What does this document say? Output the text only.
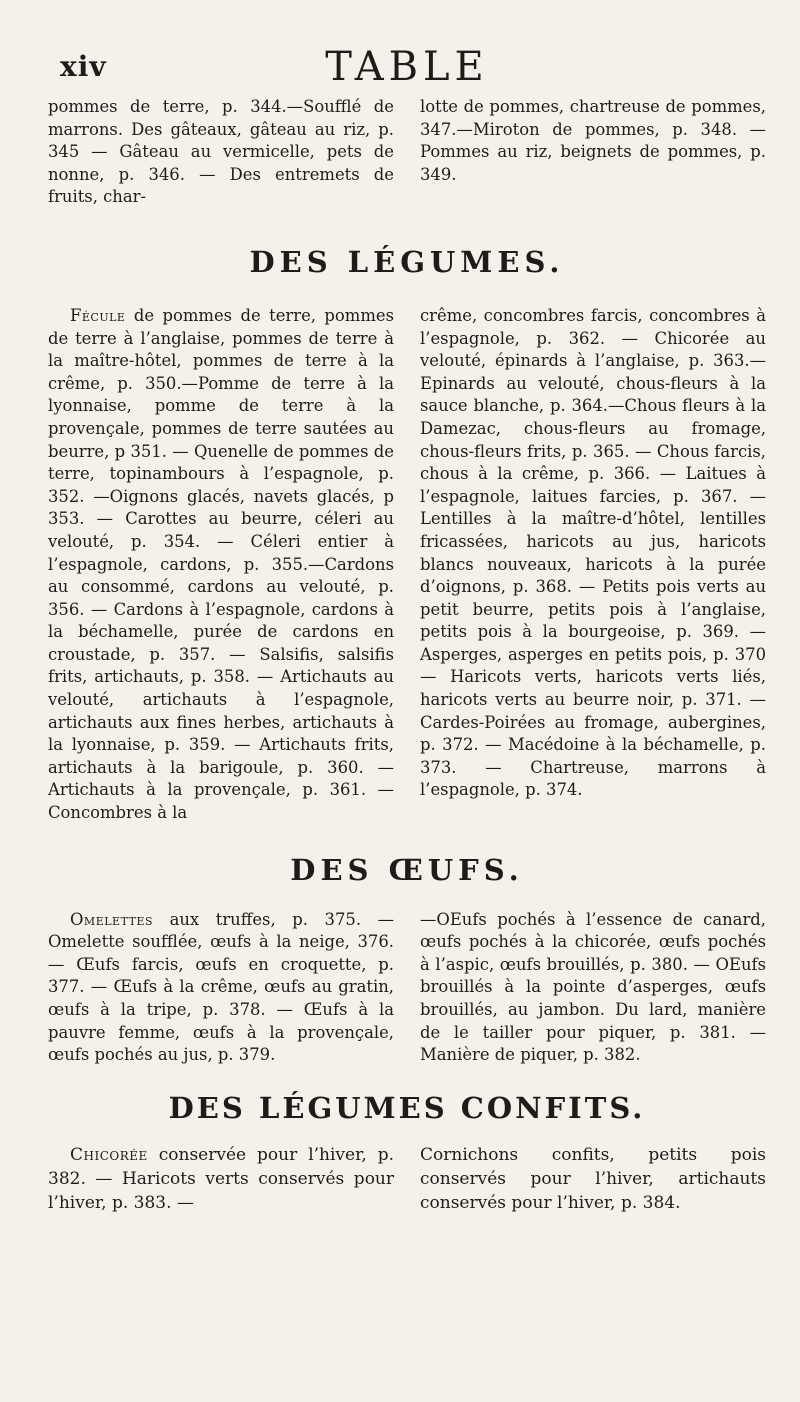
xiv	TABLE

pommes de terre, p. 344.—Soufflé de marrons. Des gâteaux, gâteau au riz, p. 345 — Gâteau au vermicelle, pets de nonne, p. 346. — Des entremets de fruits, char-

lotte de pommes, chartreuse de pommes, 347.—Miroton de pommes, p. 348. — Pommes au riz, beignets de pommes, p. 349.

DES LÉGUMES.

Fécule de pommes de terre, pommes de terre à l’anglaise, pommes de terre à la maître-hôtel, pommes de terre à la crême, p. 350.—Pomme de terre à la lyonnaise, pomme de terre à la provençale, pommes de terre sautées au beurre, p 351. — Quenelle de pommes de terre, topinambours à l’espagnole, p. 352. —Oignons glacés, navets glacés, p 353. — Carottes au beurre, céleri au velouté, p. 354. — Céleri entier à l’espagnole, cardons, p. 355.—Cardons au consommé, cardons au velouté, p. 356. — Cardons à l’espagnole, cardons à la béchamelle, purée de cardons en croustade, p. 357. — Salsifis, salsifis frits, artichauts, p. 358. — Artichauts au velouté, artichauts à l’espagnole, artichauts aux fines herbes, artichauts à la lyonnaise, p. 359. — Artichauts frits, artichauts à la barigoule, p. 360. — Artichauts à la provençale, p. 361. — Concombres à la

crême, concombres farcis, concombres à l’espagnole, p. 362. — Chicorée au velouté, épinards à l’anglaise, p. 363.—Epinards au velouté, chous-fleurs à la sauce blanche, p. 364.—Chous fleurs à la Damezac, chous-fleurs au fromage, chous-fleurs frits, p. 365. — Chous farcis, chous à la crême, p. 366. — Laitues à l’espagnole, laitues farcies, p. 367. — Lentilles à la maître-d’hôtel, lentilles fricassées, haricots au jus, haricots blancs nouveaux, haricots à la purée d’oignons, p. 368. — Petits pois verts au petit beurre, petits pois à l’anglaise, petits pois à la bourgeoise, p. 369. — Asperges, asperges en petits pois, p. 370 — Haricots verts, haricots verts liés, haricots verts au beurre noir, p. 371. — Cardes-Poirées au fromage, aubergines, p. 372. — Macédoine à la béchamelle, p. 373. — Chartreuse, marrons à l’espagnole, p. 374.

DES ŒUFS.

Omelettes aux truffes, p. 375. — Omelette soufflée, œufs à la neige, 376. — Œufs farcis, œufs en croquette, p. 377. — Œufs à la crême, œufs au gratin, œufs à la tripe, p. 378. — Œufs à la pauvre femme, œufs à la provençale, œufs pochés au jus, p. 379.

—OEufs pochés à l’essence de canard, œufs pochés à la chicorée, œufs pochés à l’aspic, œufs brouillés, p. 380. — OEufs brouillés à la pointe d’asperges, œufs brouillés, au jambon. Du lard, manière de le tailler pour piquer, p. 381. — Manière de piquer, p. 382.

DES LÉGUMES CONFITS.

Chicorée conservée pour l’hiver, p. 382. — Haricots verts conservés pour l’hiver, p. 383. —

Cornichons confits, petits pois conservés pour l’hiver, artichauts conservés pour l’hiver, p. 384.
